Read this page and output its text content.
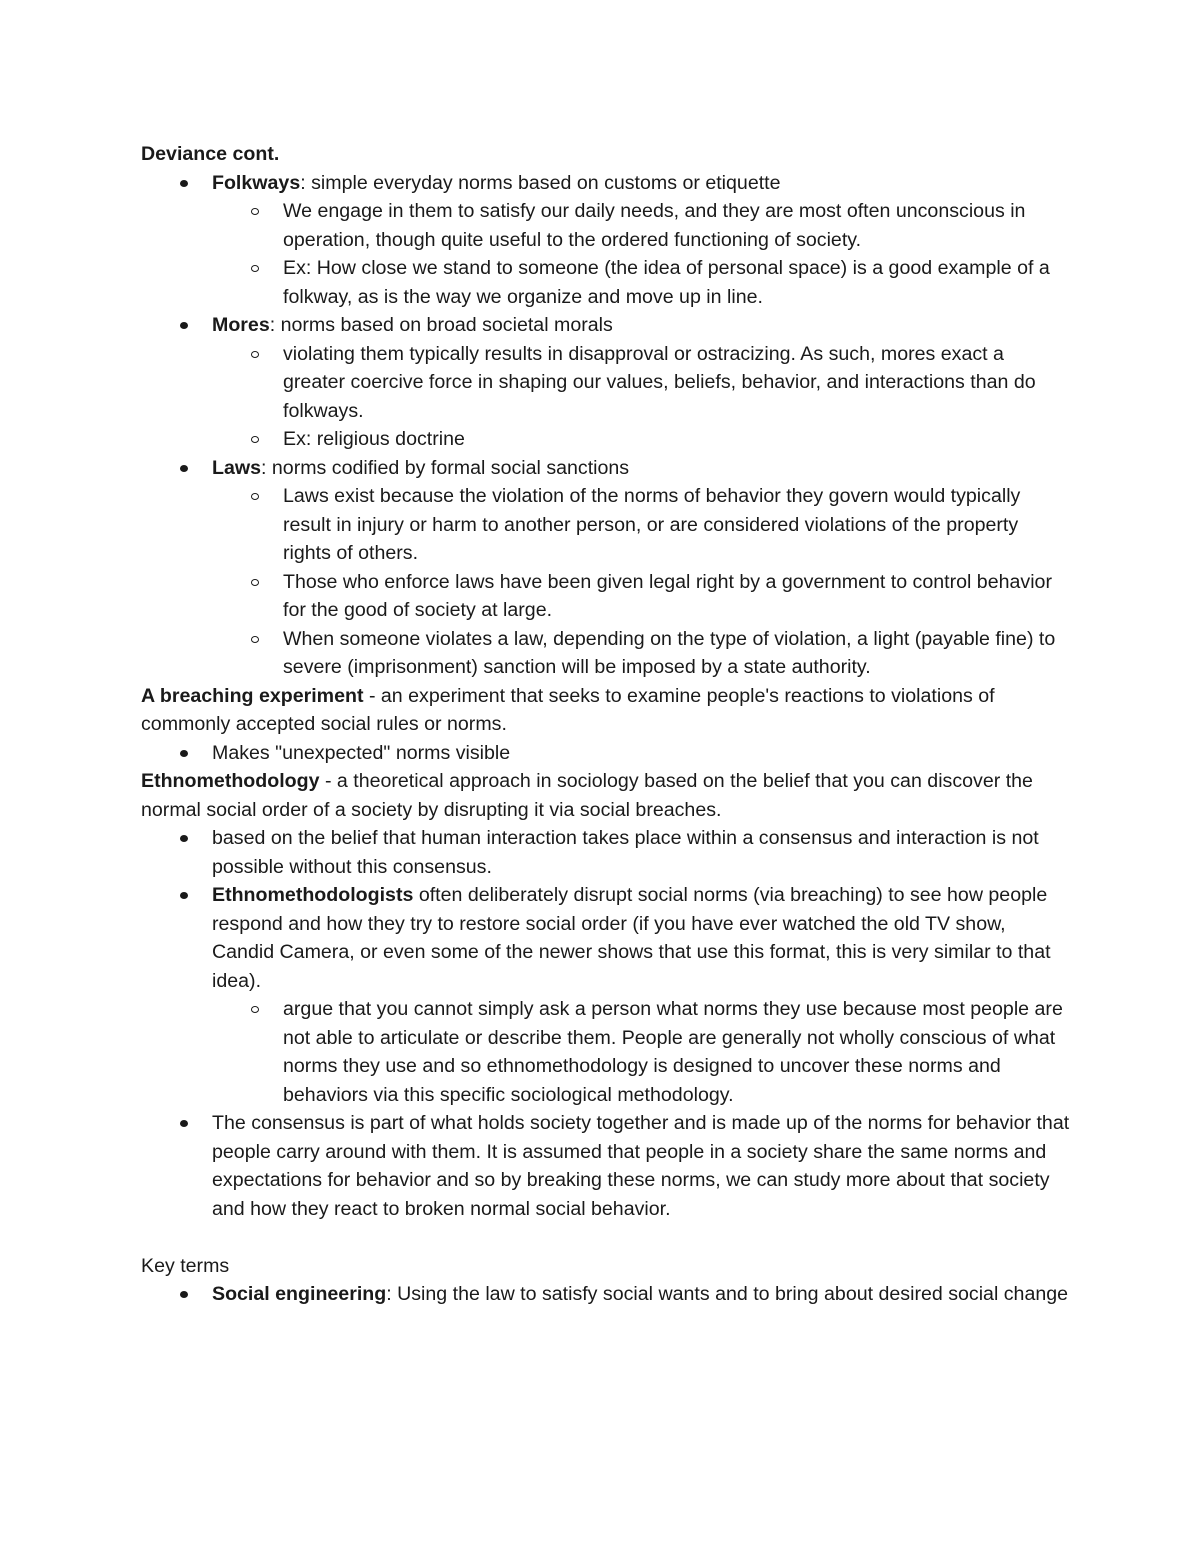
Deviance cont.

Folkways: simple everyday norms based on customs or etiquette
We engage in them to satisfy our daily needs, and they are most often unconscious in operation, though quite useful to the ordered functioning of society.
Ex: How close we stand to someone (the idea of personal space) is a good example of a folkway, as is the way we organize and move up in line.
Mores: norms based on broad societal morals
violating them typically results in disapproval or ostracizing. As such, mores exact a greater coercive force in shaping our values, beliefs, behavior, and interactions than do folkways.
Ex: religious doctrine
Laws: norms codified by formal social sanctions
Laws exist because the violation of the norms of behavior they govern would typically result in injury or harm to another person, or are considered violations of the property rights of others.
Those who enforce laws have been given legal right by a government to control behavior for the good of society at large.
When someone violates a law, depending on the type of violation, a light (payable fine) to severe (imprisonment) sanction will be imposed by a state authority.

A breaching experiment - an experiment that seeks to examine people's reactions to violations of commonly accepted social rules or norms.

Makes "unexpected" norms visible

Ethnomethodology - a theoretical approach in sociology based on the belief that you can discover the normal social order of a society by disrupting it via social breaches.

based on the belief that human interaction takes place within a consensus and interaction is not possible without this consensus.
Ethnomethodologists often deliberately disrupt social norms (via breaching) to see how people respond and how they try to restore social order (if you have ever watched the old TV show, Candid Camera, or even some of the newer shows that use this format, this is very similar to that idea).
argue that you cannot simply ask a person what norms they use because most people are not able to articulate or describe them. People are generally not wholly conscious of what norms they use and so ethnomethodology is designed to uncover these norms and behaviors via this specific sociological methodology.
The consensus is part of what holds society together and is made up of the norms for behavior that people carry around with them. It is assumed that people in a society share the same norms and expectations for behavior and so by breaking these norms, we can study more about that society and how they react to broken normal social behavior.

Key terms

Social engineering: Using the law to satisfy social wants and to bring about desired social change
